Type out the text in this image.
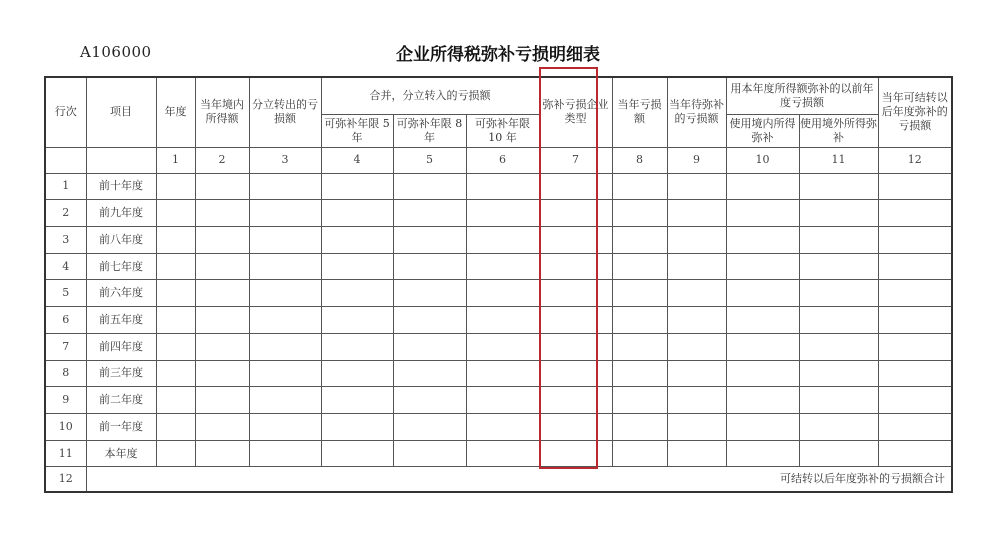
A106000	企业所得税弥补亏损明细表
行次	项目	年度	当年境内所得额	分立转出的亏损额	合并，分立转入的亏损额			弥补亏损企业类型	当年亏损额	当年待弥补的亏损额	用本年度所得额弥补的以前年度亏损额		当年可结转以后年度弥补的亏损额
					可弥补年限 5 年	可弥补年限 8 年	可弥补年限 10 年				使用境内所得弥补	使用境外所得弥补	
		1	2	3	4	5	6	7	8	9	10	11	12
1	前十年度												
2	前九年度												
3	前八年度												
4	前七年度												
5	前六年度												
6	前五年度												
7	前四年度												
8	前三年度												
9	前二年度												
10	前一年度												
11	本年度												
12	可结转以后年度弥补的亏损额合计												
